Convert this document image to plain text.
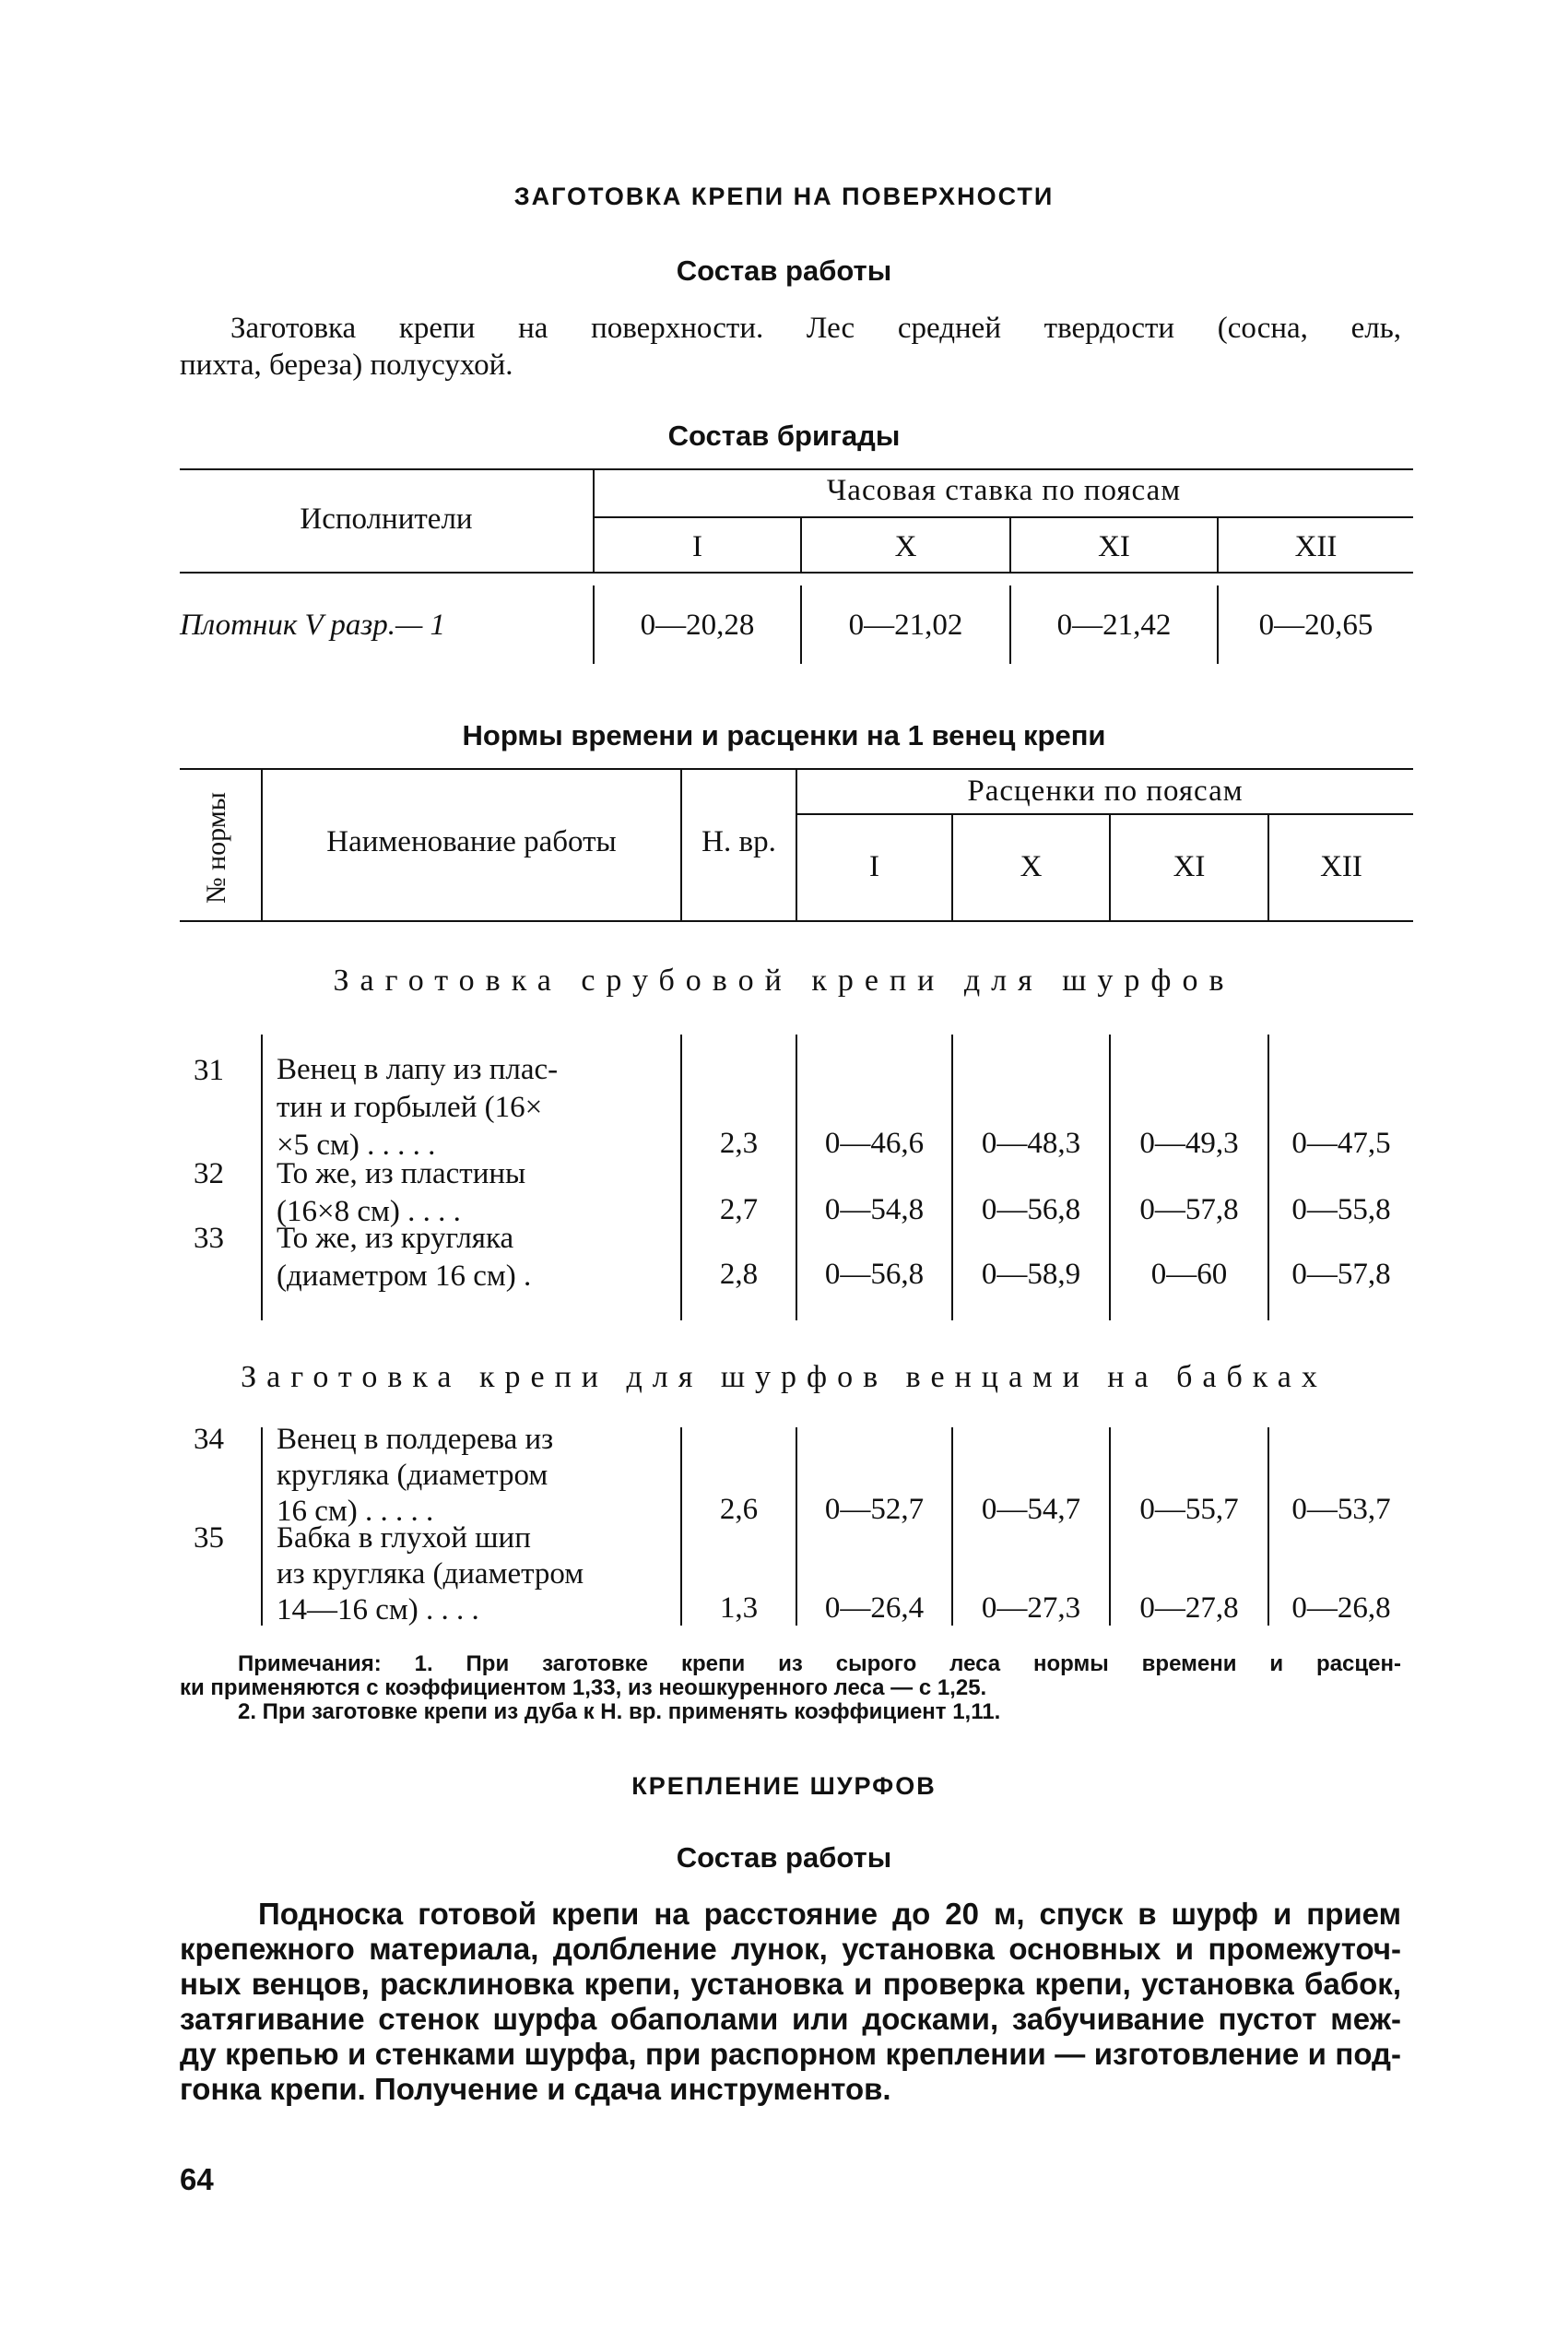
ЗАГОТОВКА КРЕПИ НА ПОВЕРХНОСТИ
Состав работы
Заготовка крепи на поверхности. Лес средней твердости (сосна, ель,
пихта, береза) полусухой.
Состав бригады
Исполнители
Часовая ставка по поясам
I	X	XI	XII
Плотник V разр.— 1	0—20,28	0—21,02	0—21,42	0—20,65
Нормы времени и расценки на 1 венец крепи
№ нормы	Наименование работы	Н. вр.
Расценки по поясам
I	X	XI	XII
Заготовка срубовой крепи для шурфов
31 Венец в лапу из плас-
тин и горбылей (16×
×5 см) . . . . .	2,3	0—46,6	0—48,3	0—49,3	0—47,5
32 То же, из пластины
(16×8 см) . . . .	2,7	0—54,8	0—56,8	0—57,8	0—55,8
33 То же, из кругляка
(диаметром 16 см) .	2,8	0—56,8	0—58,9	0—60	0—57,8
Заготовка крепи для шурфов венцами на бабках
34 Венец в полдерева из
кругляка (диаметром
16 см) . . . . .	2,6	0—52,7	0—54,7	0—55,7	0—53,7
35 Бабка в глухой шип
из кругляка (диаметром
14—16 см) . . . .	1,3	0—26,4	0—27,3	0—27,8	0—26,8
Примечания: 1. При заготовке крепи из сырого леса нормы времени и расцен-
ки применяются с коэффициентом 1,33, из неошкуренного леса — с 1,25.
2. При заготовке крепи из дуба к Н. вр. применять коэффициент 1,11.
КРЕПЛЕНИЕ ШУРФОВ
Состав работы
Подноска готовой крепи на расстояние до 20 м, спуск в шурф и прием
крепежного материала, долбление лунок, установка основных и промежуточ-
ных венцов, расклиновка крепи, установка и проверка крепи, установка бабок,
затягивание стенок шурфа обаполами или досками, забучивание пустот меж-
ду крепью и стенками шурфа, при распорном креплении — изготовление и под-
гонка крепи. Получение и сдача инструментов.
64
